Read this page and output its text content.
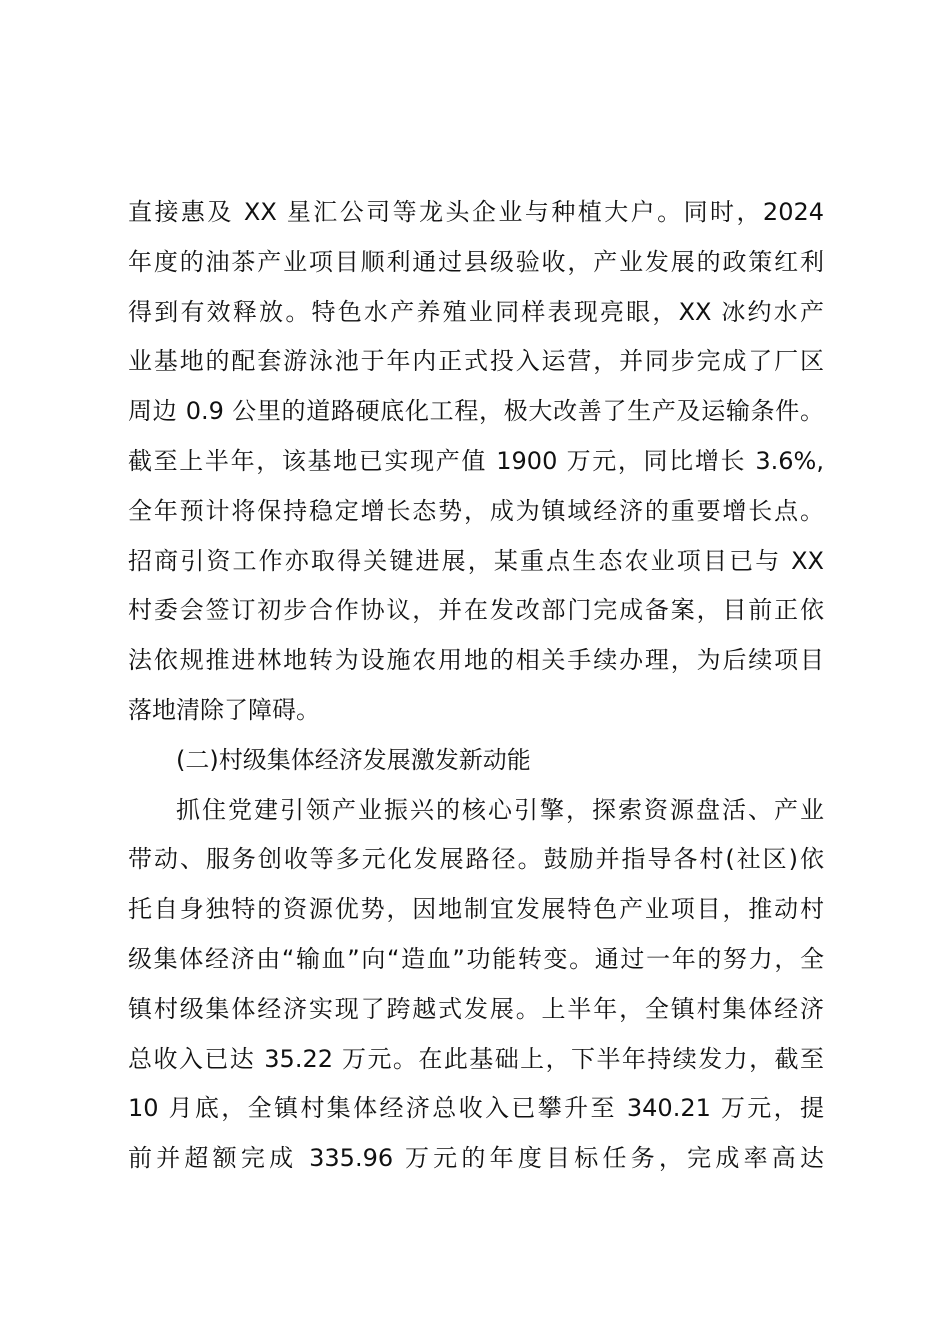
直接惠及 XX 星汇公司等龙头企业与种植大户。同时，2024
年度的油茶产业项目顺利通过县级验收，产业发展的政策红利
得到有效释放。特色水产养殖业同样表现亮眼，XX 冰约水产
业基地的配套游泳池于年内正式投入运营，并同步完成了厂区
周边 0.9 公里的道路硬底化工程，极大改善了生产及运输条件。
截至上半年，该基地已实现产值 1900 万元，同比增长 3.6%,
全年预计将保持稳定增长态势，成为镇域经济的重要增长点。
招商引资工作亦取得关键进展，某重点生态农业项目已与 XX
村委会签订初步合作协议，并在发改部门完成备案，目前正依
法依规推进林地转为设施农用地的相关手续办理，为后续项目
落地清除了障碍。
(二)村级集体经济发展激发新动能
抓住党建引领产业振兴的核心引擎，探索资源盘活、产业
带动、服务创收等多元化发展路径。鼓励并指导各村(社区)依
托自身独特的资源优势，因地制宜发展特色产业项目，推动村
级集体经济由“输血”向“造血”功能转变。通过一年的努力，全
镇村级集体经济实现了跨越式发展。上半年，全镇村集体经济
总收入已达 35.22 万元。在此基础上，下半年持续发力，截至
10 月底，全镇村集体经济总收入已攀升至 340.21 万元，提
前并超额完成 335.96 万元的年度目标任务，完成率高达
